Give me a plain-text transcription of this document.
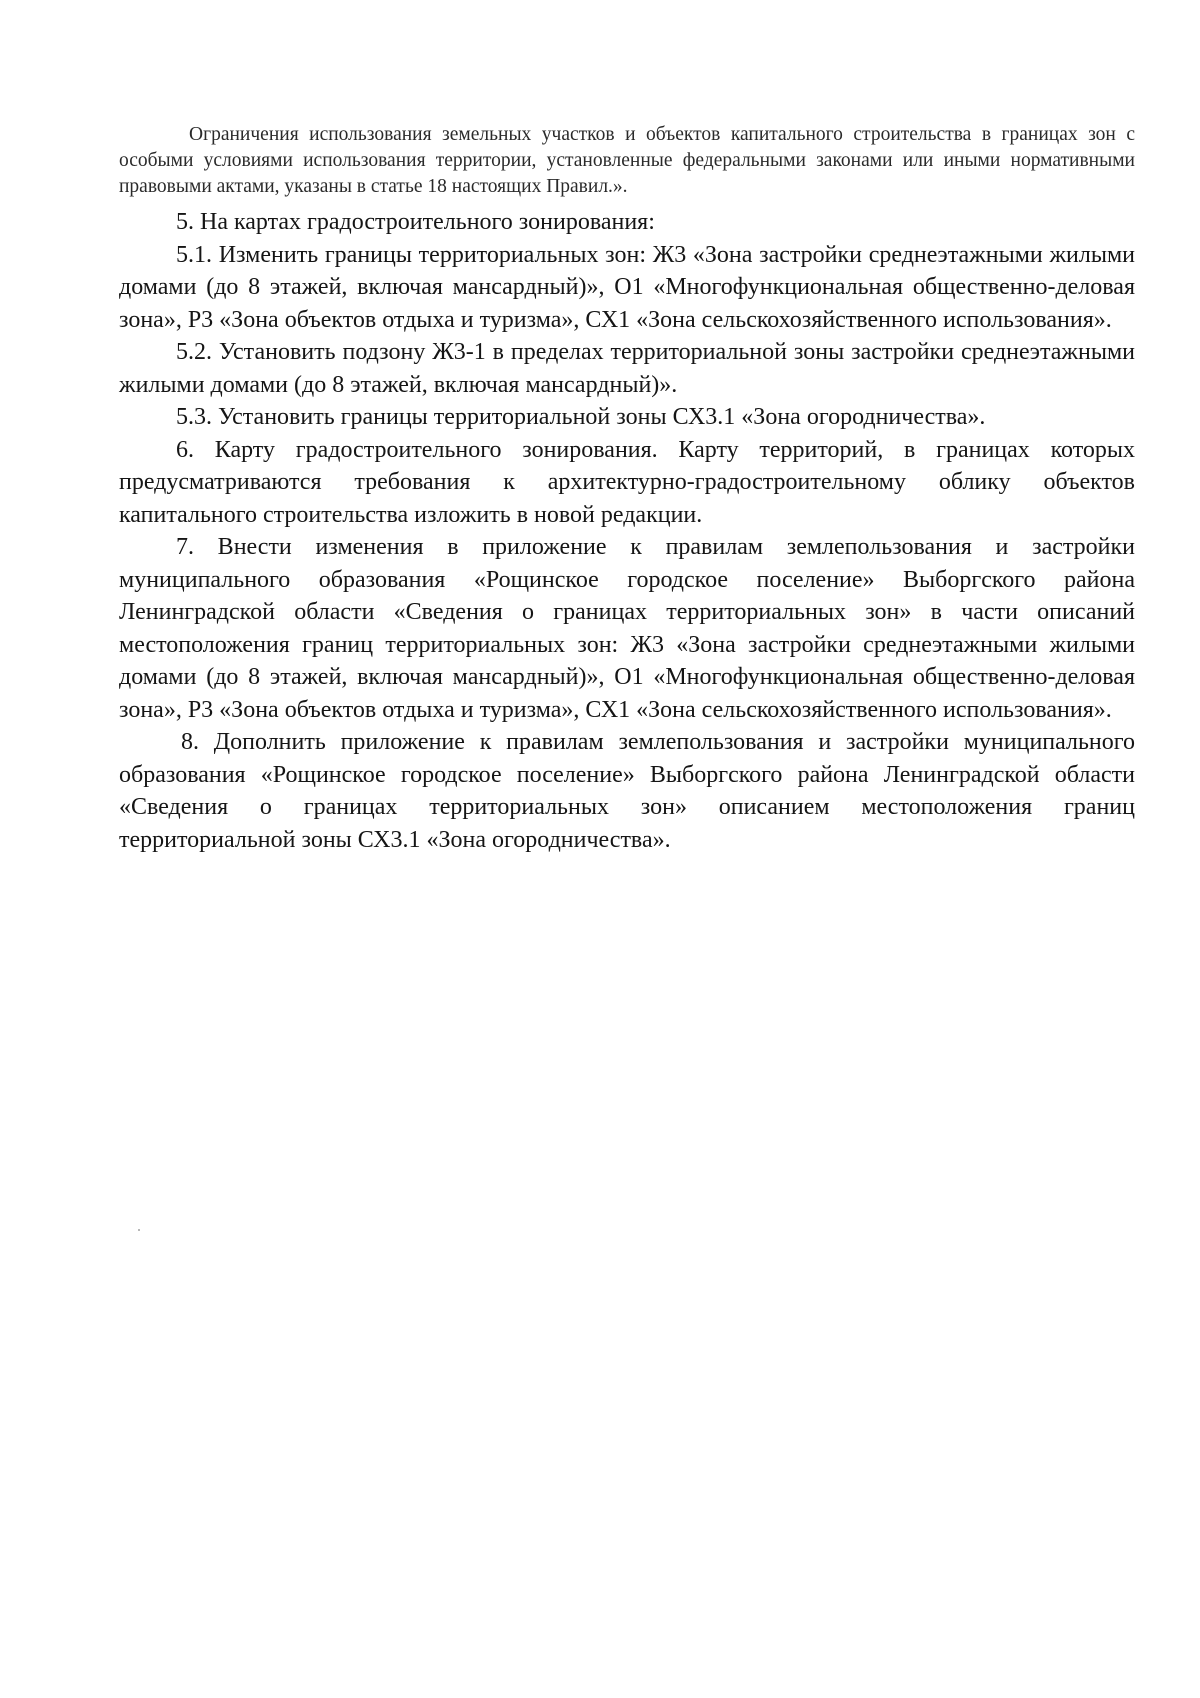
Ограничения использования земельных участков и объектов капитального строительства в границах зон с особыми условиями использования территории, установленные федеральными законами или иными нормативными правовыми актами, указаны в статье 18 настоящих Правил.».

5. На картах градостроительного зонирования:

5.1. Изменить границы территориальных зон: Ж3 «Зона застройки среднеэтажными жилыми домами (до 8 этажей, включая мансардный)», О1 «Многофункциональная общественно-деловая зона», Р3 «Зона объектов отдыха и туризма», СХ1 «Зона сельскохозяйственного использования».

5.2. Установить подзону Ж3-1 в пределах территориальной зоны застройки среднеэтажными жилыми домами (до 8 этажей, включая мансардный)».

5.3. Установить границы территориальной зоны СХ3.1 «Зона огородничества».

6. Карту градостроительного зонирования. Карту территорий, в границах которых предусматриваются требования к архитектурно-градостроительному облику объектов капитального строительства изложить в новой редакции.

7. Внести изменения в приложение к правилам землепользования и застройки муниципального образования «Рощинское городское поселение» Выборгского района Ленинградской области «Сведения о границах территориальных зон» в части описаний местоположения границ территориальных зон: Ж3 «Зона застройки среднеэтажными жилыми домами (до 8 этажей, включая мансардный)», О1 «Многофункциональная общественно-деловая зона», Р3 «Зона объектов отдыха и туризма», СХ1 «Зона сельскохозяйственного использования».

8. Дополнить приложение к правилам землепользования и застройки муниципального образования «Рощинское городское поселение» Выборгского района Ленинградской области «Сведения о границах территориальных зон» описанием местоположения границ территориальной зоны СХ3.1 «Зона огородничества».
